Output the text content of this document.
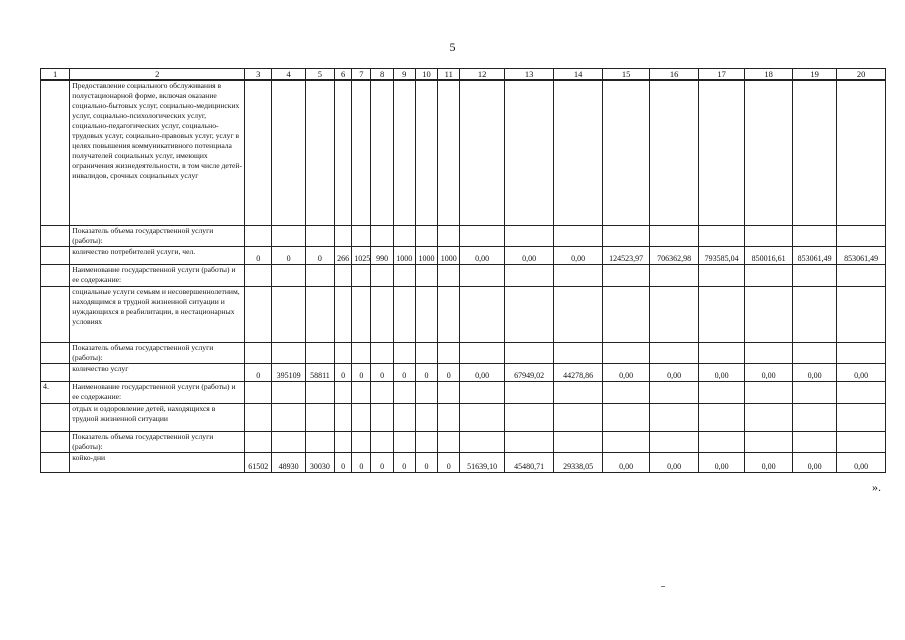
5
1	2	3	4	5	6	7	8	9	10	11	12	13	14	15	16	17	18	19	20
	Предоставление социального обслуживания в полустационарной форме, включая оказание социально-бытовых услуг, социально-медицинских услуг, социально-психологических услуг, социально-педагогических услуг, социально-трудовых услуг, социально-правовых услуг, услуг в целях повышения коммуникативного потенциала получателей социальных услуг, имеющих ограничения жизнедеятельности, в том числе детей-инвалидов, срочных социальных услуг																		
	Показатель объема государственной услуги (работы):																		
	количество потребителей услуги, чел.	0	0	0	266	1025	990	1000	1000	1000	0,00	0,00	0,00	124523,97	706362,98	793585,04	850016,61	853061,49	853061,49
	Наименование государственной услуги (работы) и ее содержание:																		
	социальные услуги семьям и несовершеннолетним, находящимся в трудной жизненной ситуации и нуждающихся в реабилитации, в нестационарных условиях																		
	Показатель объема государственной услуги (работы):																		
	количество услуг	0	395109	58811	0	0	0	0	0	0	0,00	67949,02	44278,86	0,00	0,00	0,00	0,00	0,00	0,00
4.	Наименование государственной услуги (работы) и ее содержание:																		
	отдых и оздоровление детей, находящихся в трудной жизненной ситуации																		
	Показатель объема государственной услуги (работы):																		
	койко-дни	61502	48930	30030	0	0	0	0	0	0	51639,10	45480,71	29338,05	0,00	0,00	0,00	0,00	0,00	0,00
».
